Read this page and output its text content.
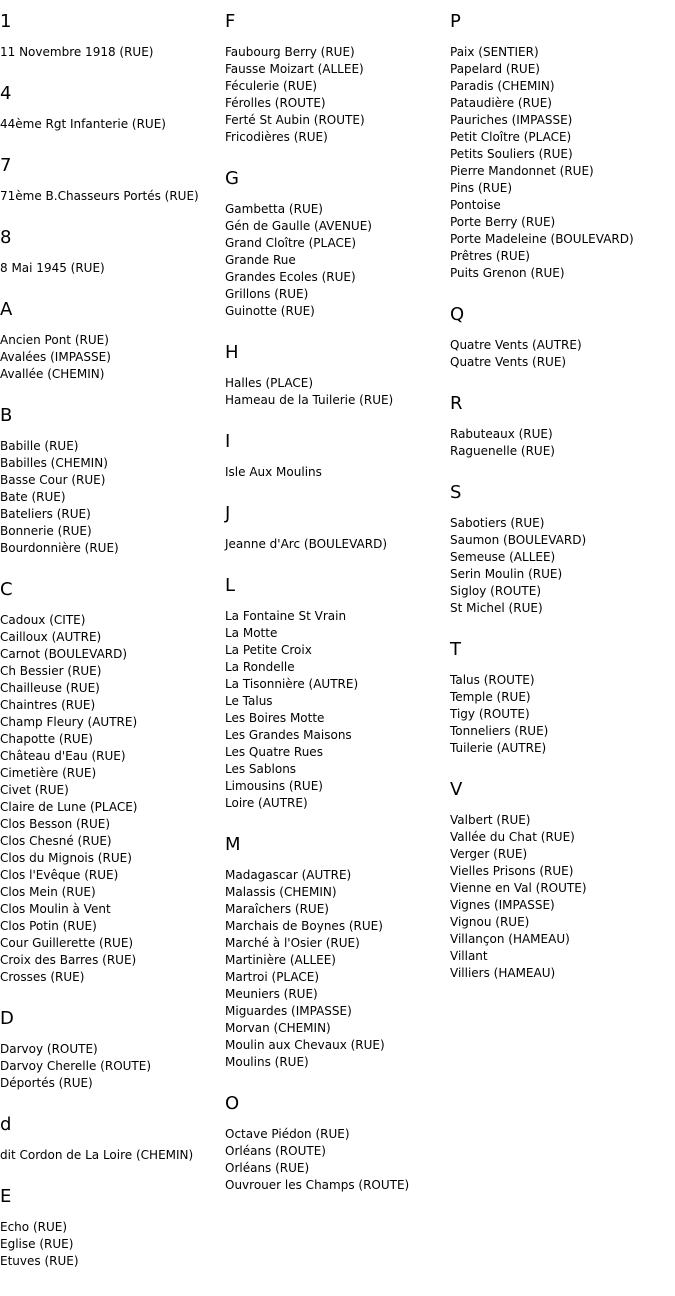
1
11 Novembre 1918 (RUE)
4
44ème Rgt Infanterie (RUE)
7
71ème B.Chasseurs Portés (RUE)
8
8 Mai 1945 (RUE)
A
Ancien Pont (RUE)
Avalées (IMPASSE)
Avallée (CHEMIN)
B
Babille (RUE)
Babilles (CHEMIN)
Basse Cour (RUE)
Bate (RUE)
Bateliers (RUE)
Bonnerie (RUE)
Bourdonnière (RUE)
C
Cadoux (CITE)
Cailloux (AUTRE)
Carnot (BOULEVARD)
Ch Bessier (RUE)
Chailleuse (RUE)
Chaintres (RUE)
Champ Fleury (AUTRE)
Chapotte (RUE)
Château d'Eau (RUE)
Cimetière (RUE)
Civet (RUE)
Claire de Lune (PLACE)
Clos Besson (RUE)
Clos Chesné (RUE)
Clos du Mignois (RUE)
Clos l'Evêque (RUE)
Clos Mein (RUE)
Clos Moulin à Vent
Clos Potin (RUE)
Cour Guillerette (RUE)
Croix des Barres (RUE)
Crosses (RUE)
D
Darvoy (ROUTE)
Darvoy Cherelle (ROUTE)
Déportés (RUE)
d
dit Cordon de La Loire (CHEMIN)
E
Echo (RUE)
Eglise (RUE)
Etuves (RUE)
F
Faubourg Berry (RUE)
Fausse Moizart (ALLEE)
Féculerie (RUE)
Férolles (ROUTE)
Ferté St Aubin (ROUTE)
Fricodières (RUE)
G
Gambetta (RUE)
Gén de Gaulle (AVENUE)
Grand Cloître (PLACE)
Grande Rue
Grandes Ecoles (RUE)
Grillons (RUE)
Guinotte (RUE)
H
Halles (PLACE)
Hameau de la Tuilerie (RUE)
I
Isle Aux Moulins
J
Jeanne d'Arc (BOULEVARD)
L
La Fontaine St Vrain
La Motte
La Petite Croix
La Rondelle
La Tisonnière (AUTRE)
Le Talus
Les Boires Motte
Les Grandes Maisons
Les Quatre Rues
Les Sablons
Limousins (RUE)
Loire (AUTRE)
M
Madagascar (AUTRE)
Malassis (CHEMIN)
Maraîchers (RUE)
Marchais de Boynes (RUE)
Marché à l'Osier (RUE)
Martinière (ALLEE)
Martroi (PLACE)
Meuniers (RUE)
Miguardes (IMPASSE)
Morvan (CHEMIN)
Moulin aux Chevaux (RUE)
Moulins (RUE)
O
Octave Piédon (RUE)
Orléans (ROUTE)
Orléans (RUE)
Ouvrouer les Champs (ROUTE)
P
Paix (SENTIER)
Papelard (RUE)
Paradis (CHEMIN)
Pataudière (RUE)
Pauriches (IMPASSE)
Petit Cloître (PLACE)
Petits Souliers (RUE)
Pierre Mandonnet (RUE)
Pins (RUE)
Pontoise
Porte Berry (RUE)
Porte Madeleine (BOULEVARD)
Prêtres (RUE)
Puits Grenon (RUE)
Q
Quatre Vents (AUTRE)
Quatre Vents (RUE)
R
Rabuteaux (RUE)
Raguenelle (RUE)
S
Sabotiers (RUE)
Saumon (BOULEVARD)
Semeuse (ALLEE)
Serin Moulin (RUE)
Sigloy (ROUTE)
St Michel (RUE)
T
Talus (ROUTE)
Temple (RUE)
Tigy (ROUTE)
Tonneliers (RUE)
Tuilerie (AUTRE)
V
Valbert (RUE)
Vallée du Chat (RUE)
Verger (RUE)
Vielles Prisons (RUE)
Vienne en Val (ROUTE)
Vignes (IMPASSE)
Vignou (RUE)
Villançon (HAMEAU)
Villant
Villiers (HAMEAU)
